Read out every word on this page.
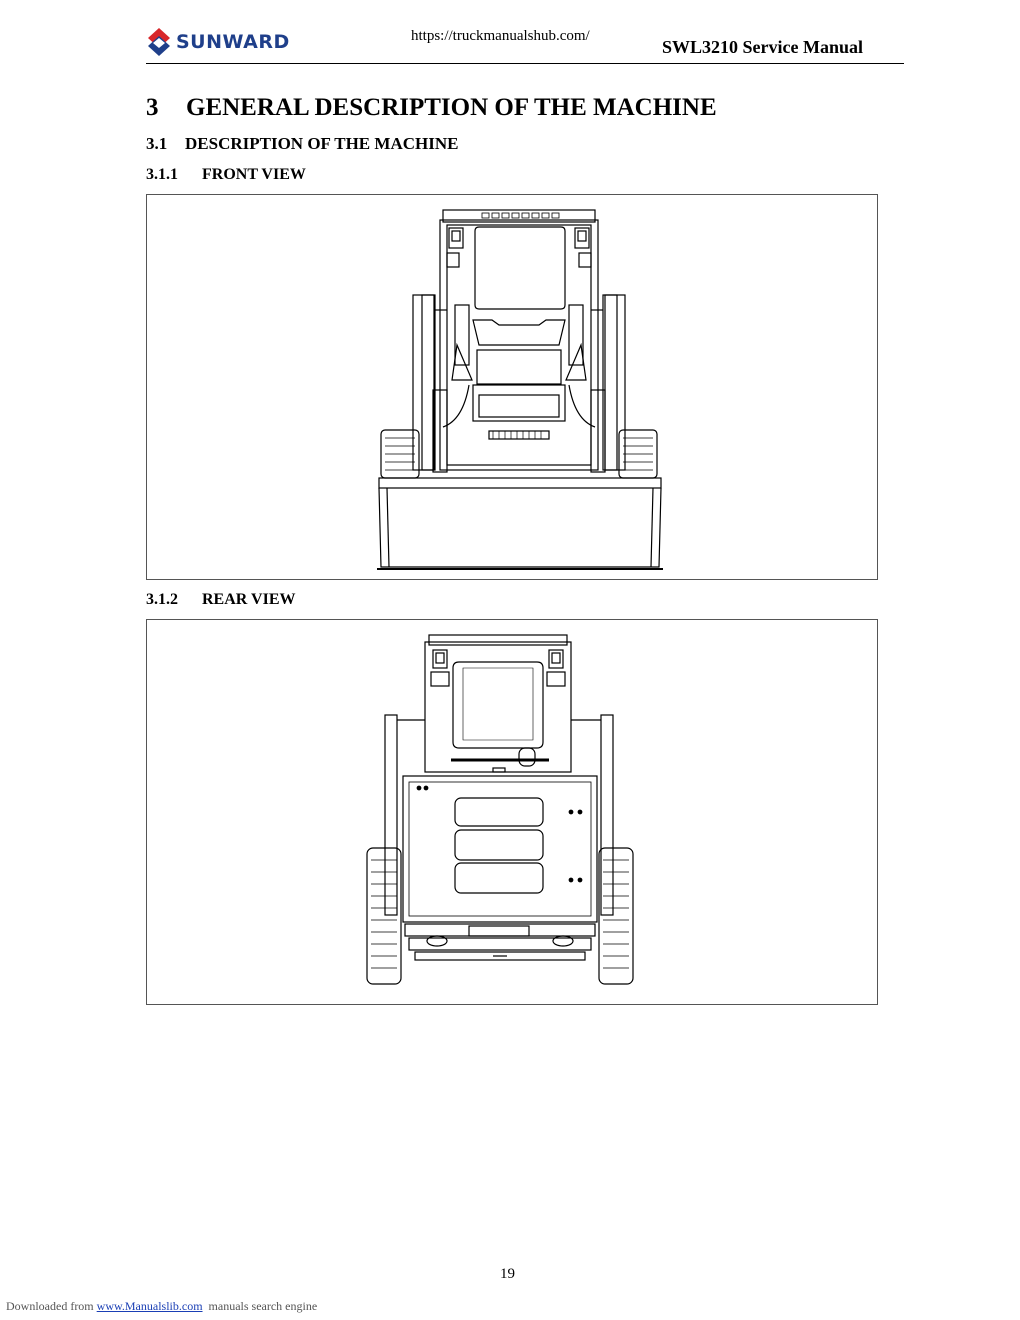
SUNWARD	https://truckmanualshub.com/
SWL3210 Service Manual
3 GENERAL DESCRIPTION OF THE MACHINE
3.1 DESCRIPTION OF THE MACHINE
3.1.1 FRONT VIEW
3.1.2 REAR VIEW
19
Downloaded from www.Manualslib.com manuals search engine
